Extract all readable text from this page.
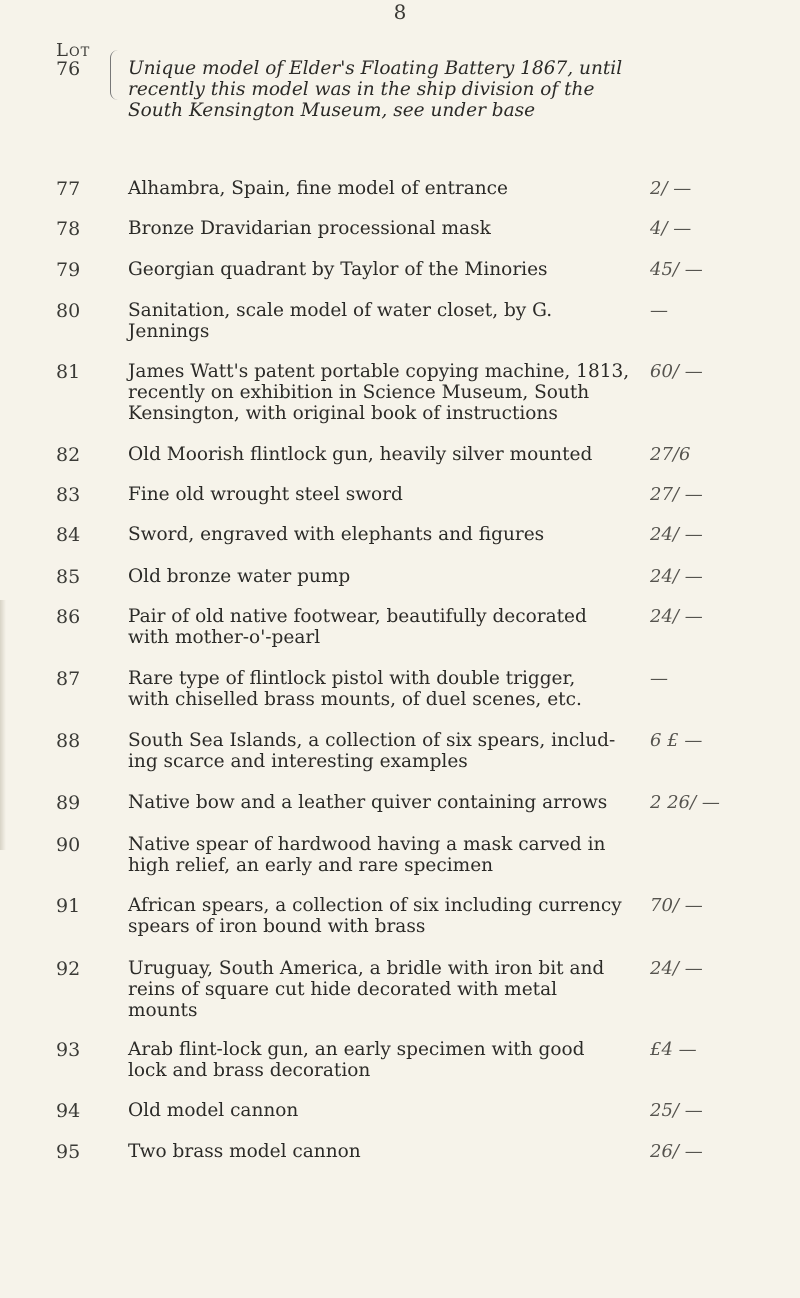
8
Lot
76	Unique model of Elder's Floating Battery 1867, until
recently this model was in the ship division of the
South Kensington Museum, see under base
77	Alhambra, Spain, fine model of entrance	2/ —
78	Bronze Dravidarian processional mask	4/ —
79	Georgian quadrant by Taylor of the Minories	45/ —
80	Sanitation, scale model of water closet, by G.
Jennings
—
81	James Watt's patent portable copying machine, 1813,
recently on exhibition in Science Museum, South
Kensington, with original book of instructions
60/ —
82	Old Moorish flintlock gun, heavily silver mounted	27/6
83	Fine old wrought steel sword	27/ —
84	Sword, engraved with elephants and figures	24/ —
85	Old bronze water pump	24/ —
86	Pair of old native footwear, beautifully decorated
with mother-o'-pearl
24/ —
87	Rare type of flintlock pistol with double trigger,
with chiselled brass mounts, of duel scenes, etc.
—
88	South Sea Islands, a collection of six spears, includ-
ing scarce and interesting examples
6 £ —
89	Native bow and a leather quiver containing arrows	2 26/ —
90	Native spear of hardwood having a mask carved in
high relief, an early and rare specimen
91	African spears, a collection of six including currency
spears of iron bound with brass
70/ —
92	Uruguay, South America, a bridle with iron bit and
reins of square cut hide decorated with metal
mounts
24/ —
93	Arab flint-lock gun, an early specimen with good
lock and brass decoration
£4 —
94	Old model cannon	25/ —
95	Two brass model cannon	26/ —
